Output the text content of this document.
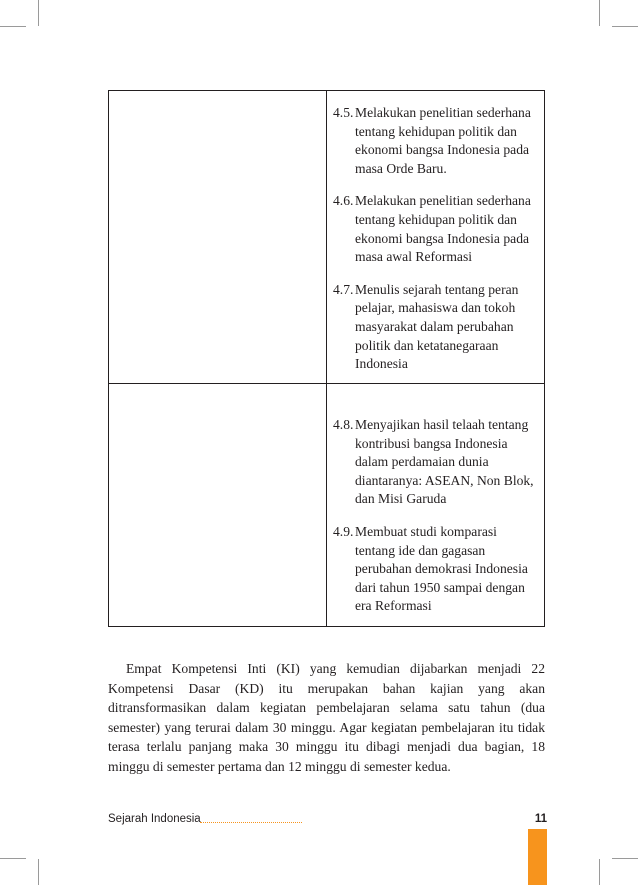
4.5. Melakukan penelitian sederhana tentang kehidupan politik dan ekonomi bangsa Indonesia pada masa Orde Baru.
4.6. Melakukan penelitian sederhana tentang kehidupan politik dan ekonomi bangsa Indonesia pada masa awal Reformasi
4.7. Menulis sejarah tentang peran pelajar, mahasiswa dan tokoh masyarakat dalam perubahan politik dan ketatanegaraan Indonesia
4.8. Menyajikan hasil telaah tentang kontribusi bangsa Indonesia dalam perdamaian dunia diantaranya: ASEAN, Non Blok, dan Misi Garuda
4.9. Membuat studi komparasi tentang ide dan gagasan perubahan demokrasi Indonesia dari tahun 1950 sampai dengan era Reformasi

Empat Kompetensi Inti (KI) yang kemudian dijabarkan menjadi 22 Kompetensi Dasar (KD) itu merupakan bahan kajian yang akan ditransformasikan dalam kegiatan pembelajaran selama satu tahun (dua semester) yang terurai dalam 30 minggu. Agar kegiatan pembelajaran itu tidak terasa terlalu panjang maka 30 minggu itu dibagi menjadi dua bagian, 18 minggu di semester pertama dan 12 minggu di semester kedua.

Sejarah Indonesia	11
